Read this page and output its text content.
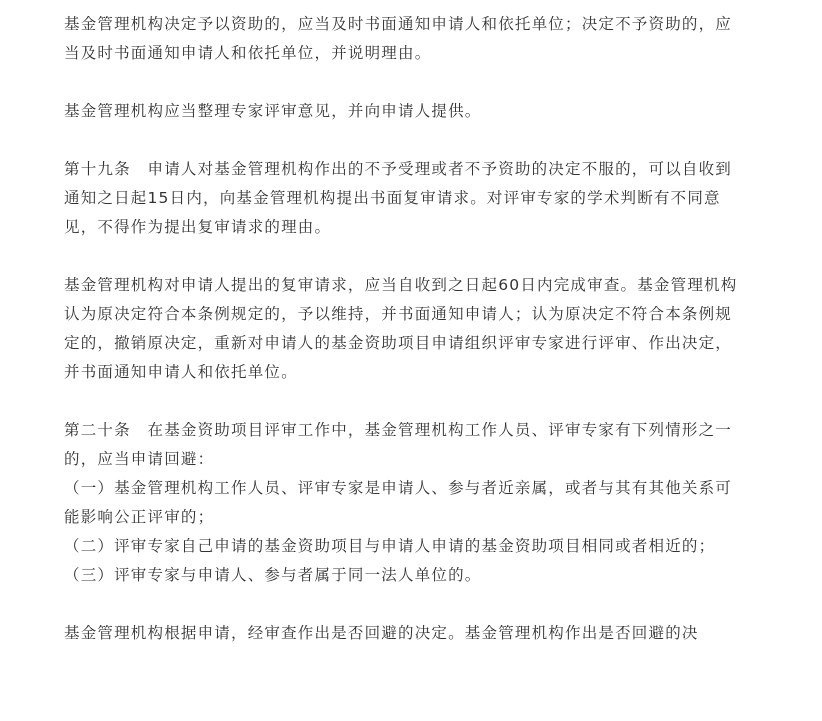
基金管理机构决定予以资助的，应当及时书面通知申请人和依托单位；决定不予资助的，应当及时书面通知申请人和依托单位，并说明理由。

基金管理机构应当整理专家评审意见，并向申请人提供。

第十九条　申请人对基金管理机构作出的不予受理或者不予资助的决定不服的，可以自收到通知之日起15日内，向基金管理机构提出书面复审请求。对评审专家的学术判断有不同意见，不得作为提出复审请求的理由。

基金管理机构对申请人提出的复审请求，应当自收到之日起60日内完成审查。基金管理机构认为原决定符合本条例规定的，予以维持，并书面通知申请人；认为原决定不符合本条例规定的，撤销原决定，重新对申请人的基金资助项目申请组织评审专家进行评审、作出决定，并书面通知申请人和依托单位。

第二十条　在基金资助项目评审工作中，基金管理机构工作人员、评审专家有下列情形之一的，应当申请回避：

（一）基金管理机构工作人员、评审专家是申请人、参与者近亲属，或者与其有其他关系可能影响公正评审的；

（二）评审专家自己申请的基金资助项目与申请人申请的基金资助项目相同或者相近的；

（三）评审专家与申请人、参与者属于同一法人单位的。

基金管理机构根据申请，经审查作出是否回避的决定。基金管理机构作出是否回避的决
